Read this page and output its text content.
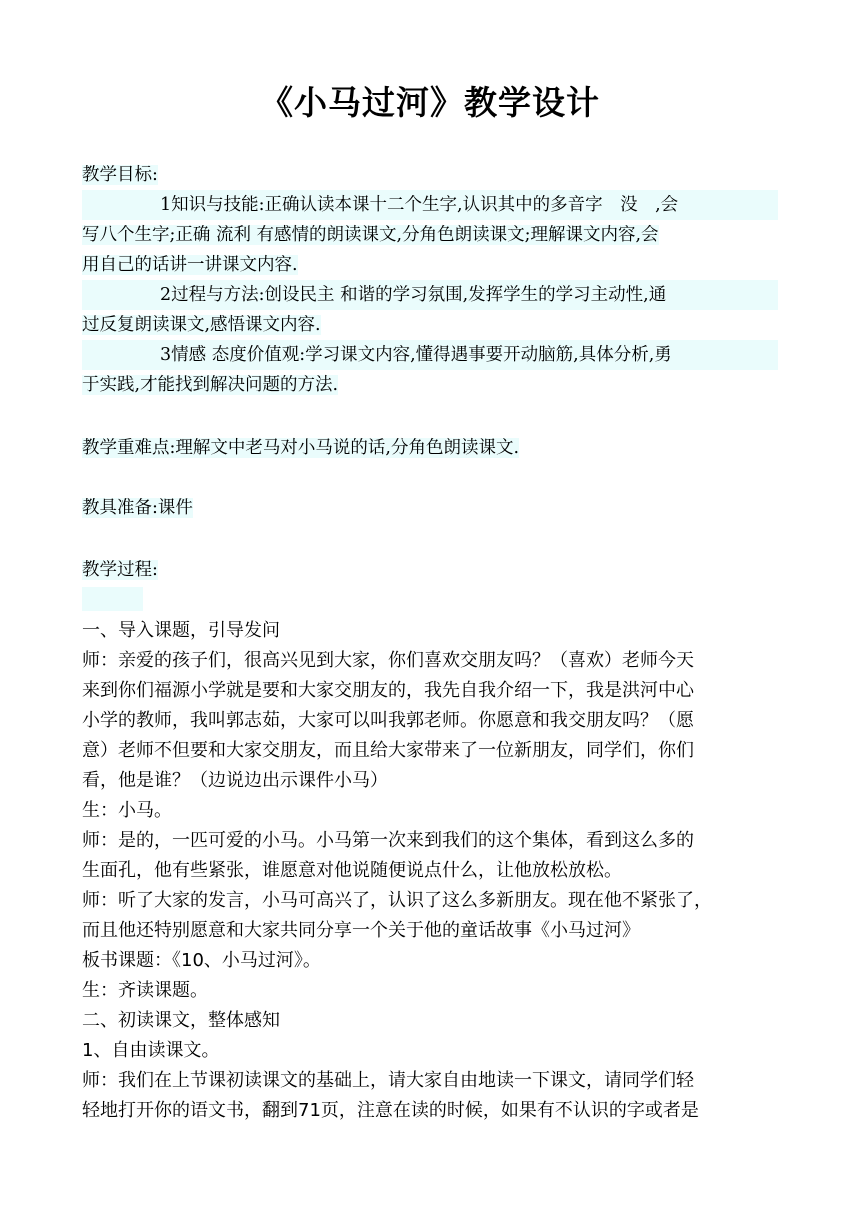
《小马过河》教学设计
教学目标:
1知识与技能:正确认读本课十二个生字,认识其中的多音字　没　,会
写八个生字;正确 流利 有感情的朗读课文,分角色朗读课文;理解课文内容,会
用自己的话讲一讲课文内容.
2过程与方法:创设民主 和谐的学习氛围,发挥学生的学习主动性,通
过反复朗读课文,感悟课文内容.
3情感 态度价值观:学习课文内容,懂得遇事要开动脑筋,具体分析,勇
于实践,才能找到解决问题的方法.
教学重难点:理解文中老马对小马说的话,分角色朗读课文.
教具准备:课件
教学过程:
一、导入课题，引导发问
师：亲爱的孩子们，很高兴见到大家，你们喜欢交朋友吗？（喜欢）老师今天
来到你们福源小学就是要和大家交朋友的，我先自我介绍一下，我是洪河中心
小学的教师，我叫郭志茹，大家可以叫我郭老师。你愿意和我交朋友吗？（愿
意）老师不但要和大家交朋友，而且给大家带来了一位新朋友，同学们，你们
看，他是谁？（边说边出示课件小马）
生：小马。
师：是的，一匹可爱的小马。小马第一次来到我们的这个集体，看到这么多的
生面孔，他有些紧张，谁愿意对他说随便说点什么，让他放松放松。
师：听了大家的发言，小马可高兴了，认识了这么多新朋友。现在他不紧张了，
而且他还特别愿意和大家共同分享一个关于他的童话故事《小马过河》
板书课题：《10、小马过河》。
生：齐读课题。
二、初读课文，整体感知
1、自由读课文。
师：我们在上节课初读课文的基础上，请大家自由地读一下课文，请同学们轻
轻地打开你的语文书，翻到71页，注意在读的时候，如果有不认识的字或者是
